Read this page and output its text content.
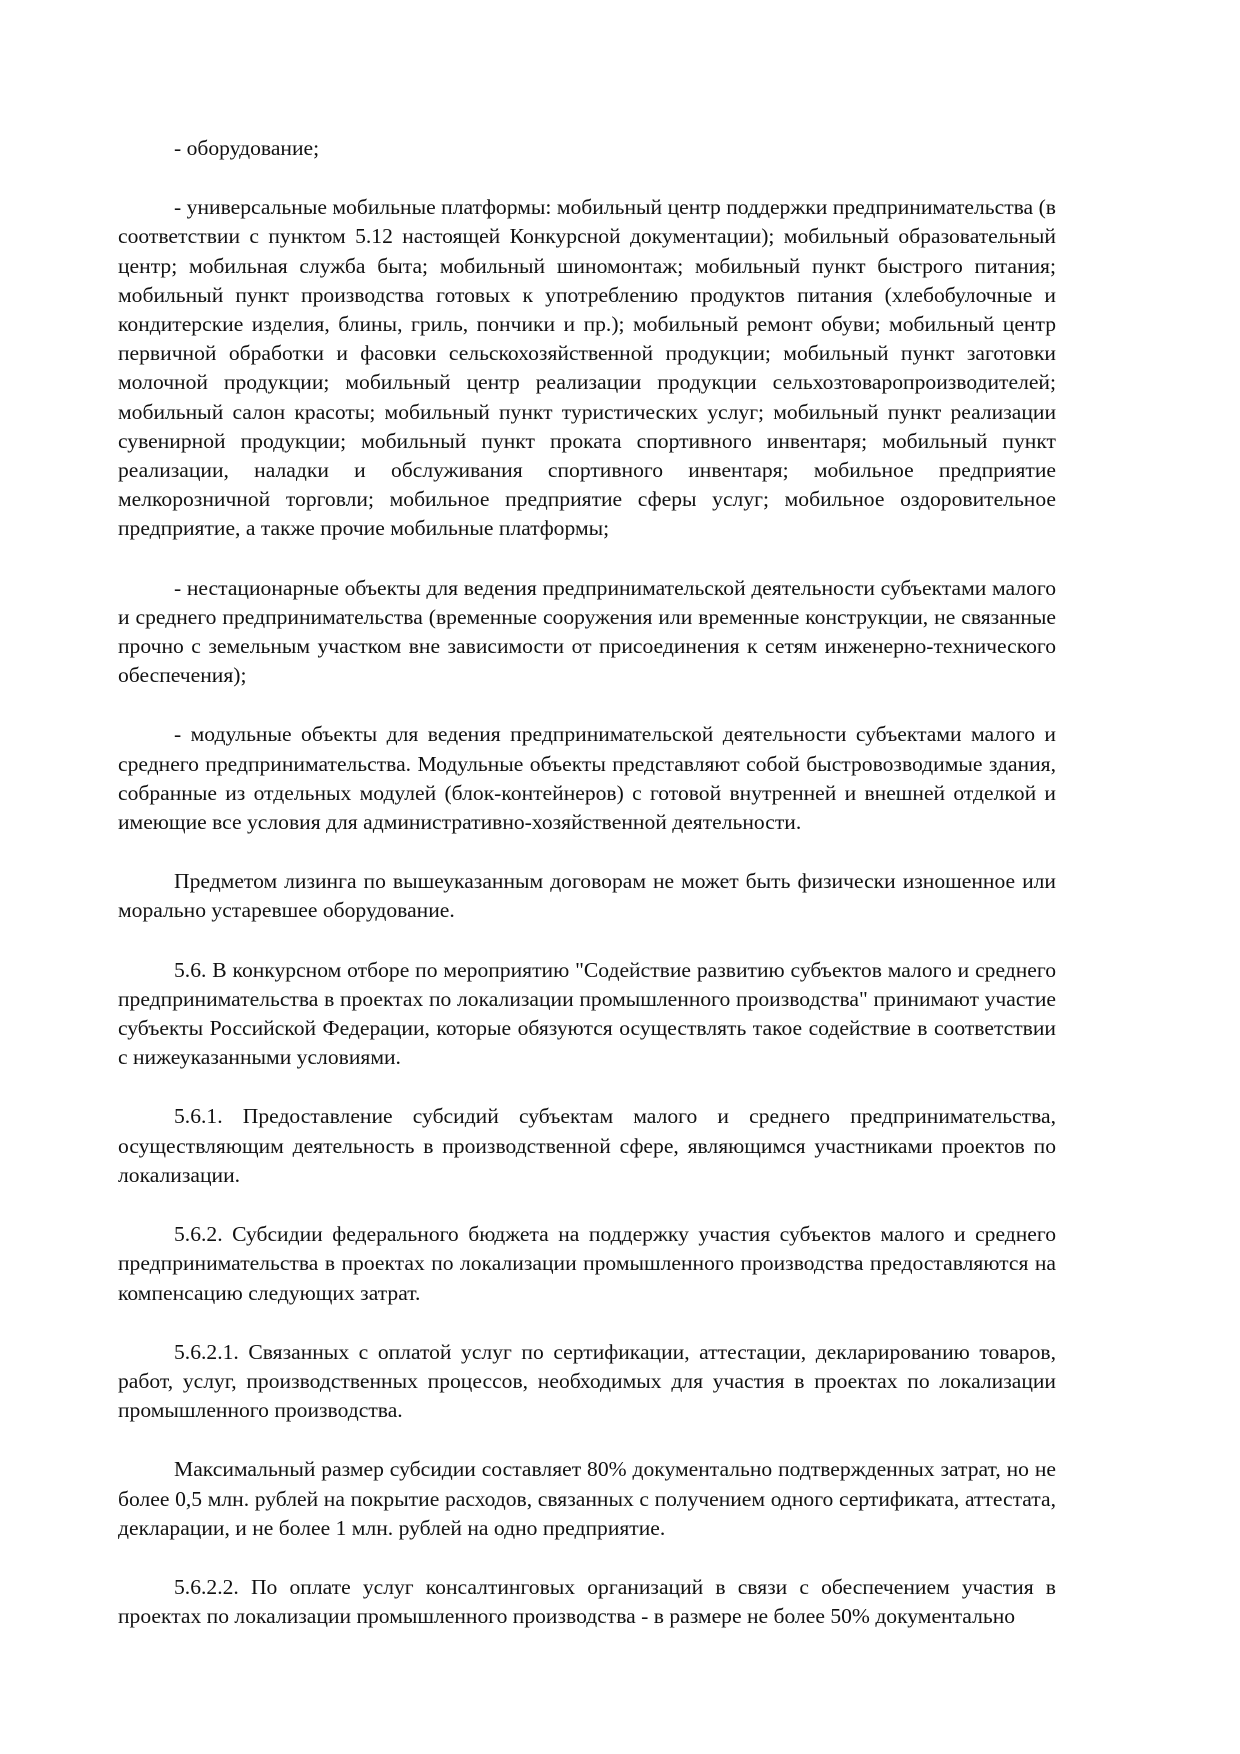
- оборудование;

- универсальные мобильные платформы: мобильный центр поддержки предпринимательства (в соответствии с пунктом 5.12 настоящей Конкурсной документации); мобильный образовательный центр; мобильная служба быта; мобильный шиномонтаж; мобильный пункт быстрого питания; мобильный пункт производства готовых к употреблению продуктов питания (хлебобулочные и кондитерские изделия, блины, гриль, пончики и пр.); мобильный ремонт обуви; мобильный центр первичной обработки и фасовки сельскохозяйственной продукции; мобильный пункт заготовки молочной продукции; мобильный центр реализации продукции сельхозтоваропроизводителей; мобильный салон красоты; мобильный пункт туристических услуг; мобильный пункт реализации сувенирной продукции; мобильный пункт проката спортивного инвентаря; мобильный пункт реализации, наладки и обслуживания спортивного инвентаря; мобильное предприятие мелкорозничной торговли; мобильное предприятие сферы услуг; мобильное оздоровительное предприятие, а также прочие мобильные платформы;

- нестационарные объекты для ведения предпринимательской деятельности субъектами малого и среднего предпринимательства (временные сооружения или временные конструкции, не связанные прочно с земельным участком вне зависимости от присоединения к сетям инженерно-технического обеспечения);

- модульные объекты для ведения предпринимательской деятельности субъектами малого и среднего предпринимательства. Модульные объекты представляют собой быстровозводимые здания, собранные из отдельных модулей (блок-контейнеров) с готовой внутренней и внешней отделкой и имеющие все условия для административно-хозяйственной деятельности.

Предметом лизинга по вышеуказанным договорам не может быть физически изношенное или морально устаревшее оборудование.

5.6. В конкурсном отборе по мероприятию "Содействие развитию субъектов малого и среднего предпринимательства в проектах по локализации промышленного производства" принимают участие субъекты Российской Федерации, которые обязуются осуществлять такое содействие в соответствии с нижеуказанными условиями.

5.6.1. Предоставление субсидий субъектам малого и среднего предпринимательства, осуществляющим деятельность в производственной сфере, являющимся участниками проектов по локализации.

5.6.2. Субсидии федерального бюджета на поддержку участия субъектов малого и среднего предпринимательства в проектах по локализации промышленного производства предоставляются на компенсацию следующих затрат.

5.6.2.1. Связанных с оплатой услуг по сертификации, аттестации, декларированию товаров, работ, услуг, производственных процессов, необходимых для участия в проектах по локализации промышленного производства.

Максимальный размер субсидии составляет 80% документально подтвержденных затрат, но не более 0,5 млн. рублей на покрытие расходов, связанных с получением одного сертификата, аттестата, декларации, и не более 1 млн. рублей на одно предприятие.

5.6.2.2. По оплате услуг консалтинговых организаций в связи с обеспечением участия в проектах по локализации промышленного производства - в размере не более 50% документально
